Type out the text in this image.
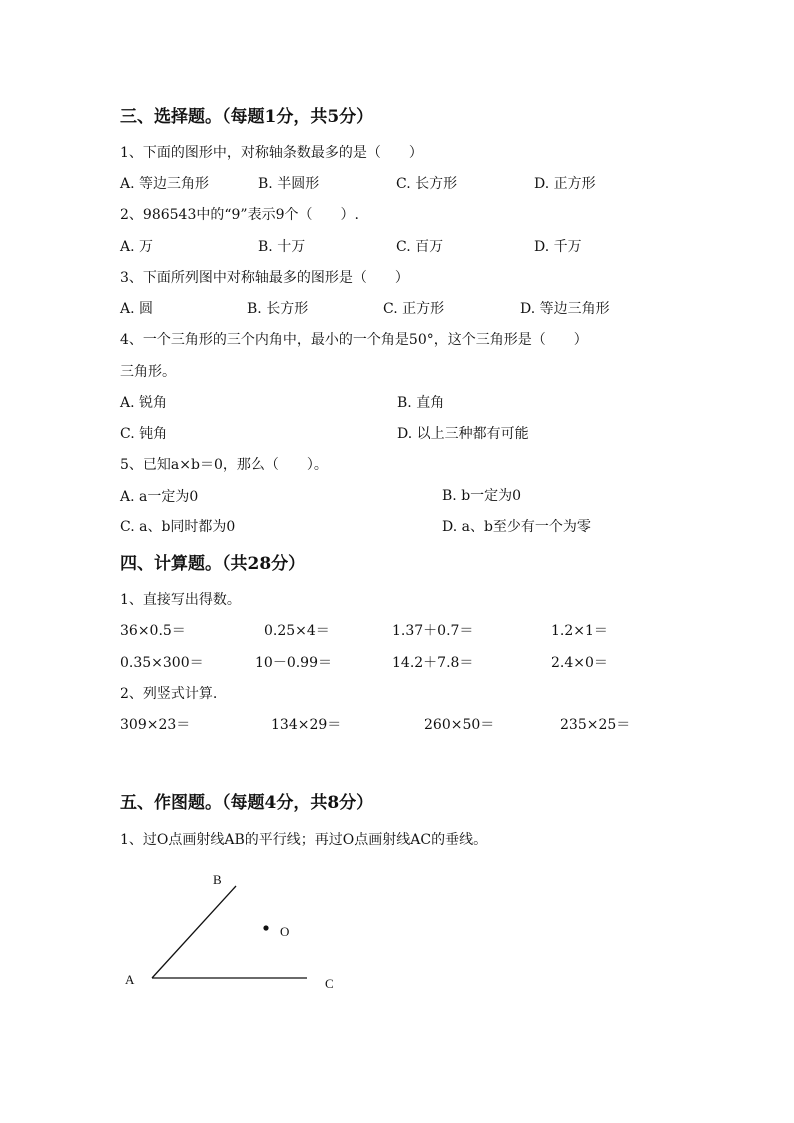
三、选择题。（每题1分，共5分）
1、下面的图形中，对称轴条数最多的是（　　）
A. 等边三角形	B. 半圆形	C. 长方形	D. 正方形
2、986543中的“9”表示9个（　　）.
A. 万	B. 十万	C. 百万	D. 千万
3、下面所列图中对称轴最多的图形是（　　）
A. 圆	B. 长方形	C. 正方形	D. 等边三角形
4、一个三角形的三个内角中，最小的一个角是50°，这个三角形是（　　）
三角形。
A. 锐角	B. 直角
C. 钝角	D. 以上三种都有可能
5、已知a×b＝0，那么（　　）。
A. a一定为0	B. b一定为0
C. a、b同时都为0	D. a、b至少有一个为零
四、计算题。（共28分）
1、直接写出得数。
36×0.5＝	0.25×4＝	1.37＋0.7＝	1.2×1＝
0.35×300＝	10－0.99＝	14.2＋7.8＝	2.4×0＝
2、列竖式计算.
309×23＝	134×29＝	260×50＝	235×25＝
五、作图题。（每题4分，共8分）
1、过O点画射线AB的平行线；再过O点画射线AC的垂线。
B
O
A	C
